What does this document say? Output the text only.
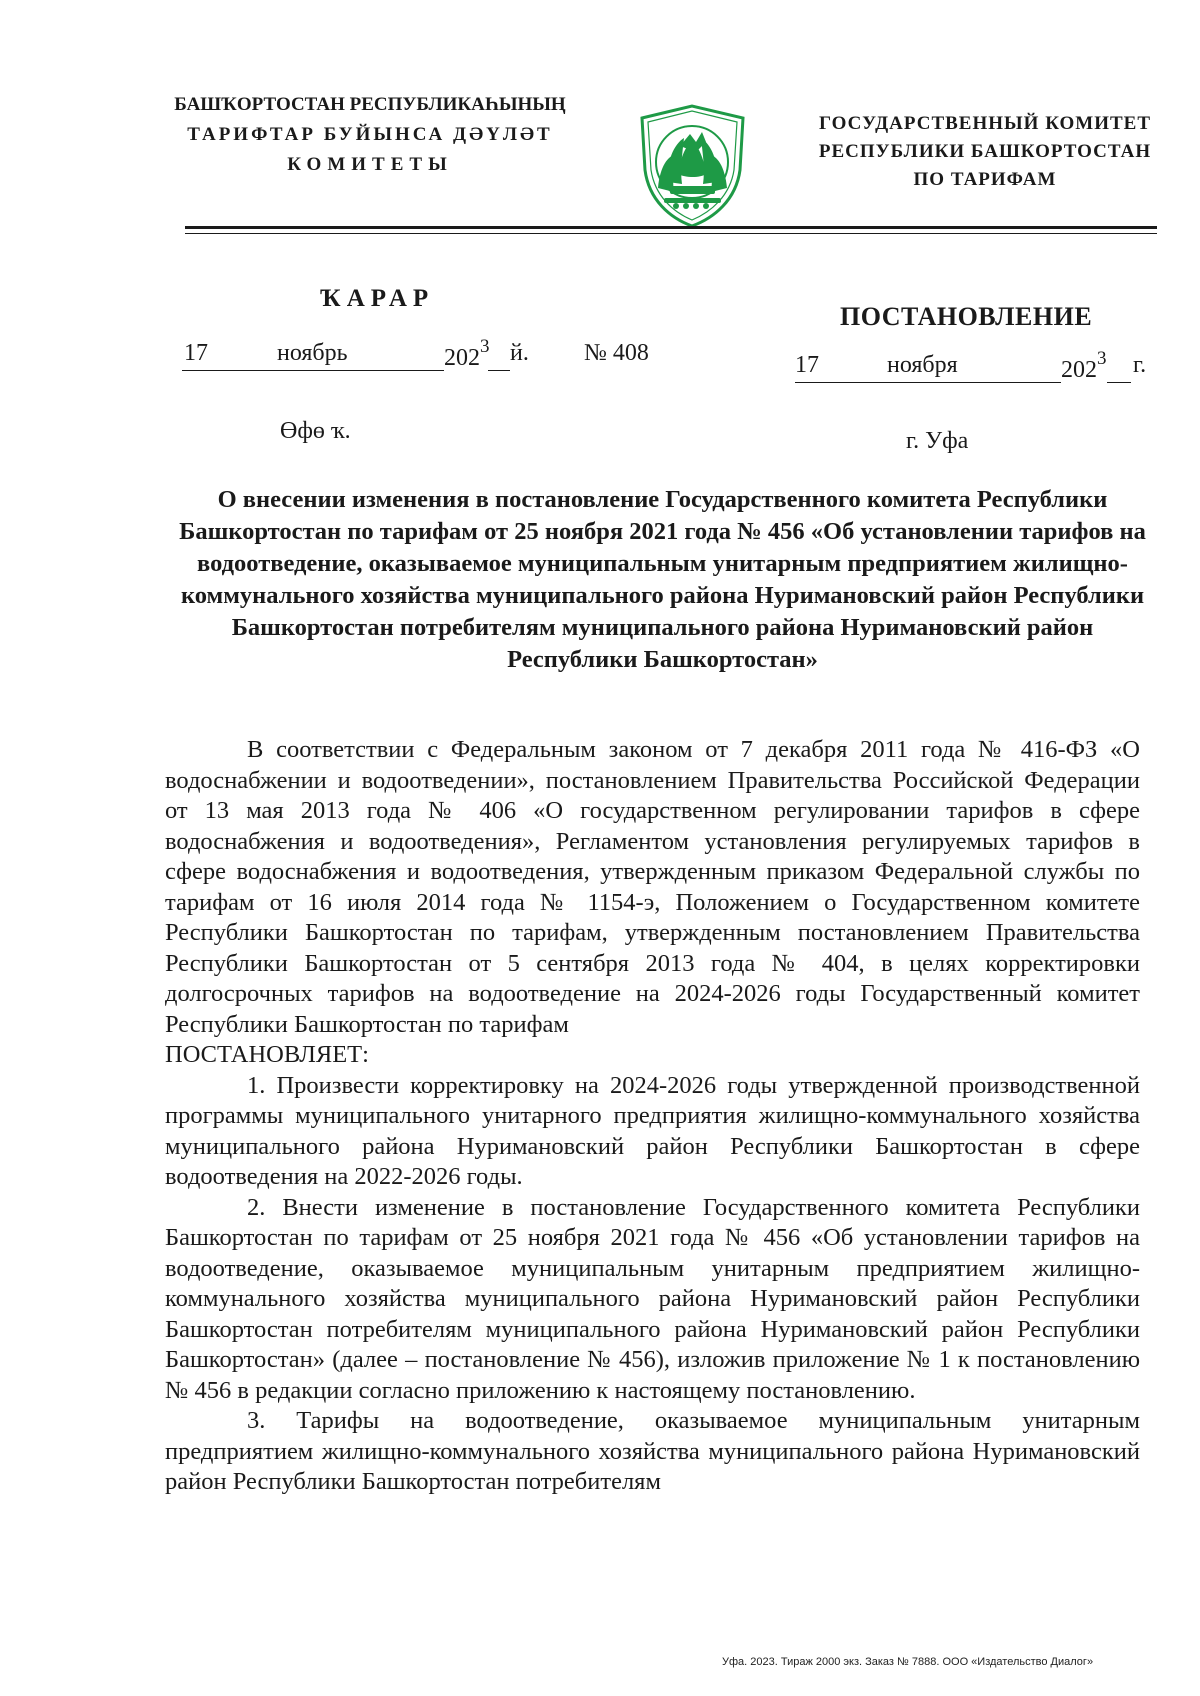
БАШҠОРТОСТАН РЕСПУБЛИКАҺЫНЫҢ
ТАРИФТАР БУЙЫНСА ДӘҮЛӘТ
КОМИТЕТЫ
ГОСУДАРСТВЕННЫЙ КОМИТЕТ
РЕСПУБЛИКИ БАШКОРТОСТАН
ПО ТАРИФАМ
ҠАРАР
ПОСТАНОВЛЕНИЕ
17	ноябрь	$202^3$ й. № 408	17	ноября	$202^3$ г.
Өфө ҡ.	г. Уфа
О внесении изменения в постановление Государственного комитета Республики Башкортостан по тарифам от 25 ноября 2021 года № 456 «Об установлении тарифов на водоотведение, оказываемое муниципальным унитарным предприятием жилищно-коммунального хозяйства муниципального района Нуримановский район Республики Башкортостан потребителям муниципального района Нуримановский район Республики Башкортостан»

В соответствии с Федеральным законом от 7 декабря 2011 года № 416-ФЗ «О водоснабжении и водоотведении», постановлением Правительства Российской Федерации от 13 мая 2013 года № 406 «О государственном регулировании тарифов в сфере водоснабжения и водоотведения», Регламентом установления регулируемых тарифов в сфере водоснабжения и водоотведения, утвержденным приказом Федеральной службы по тарифам от 16 июля 2014 года № 1154-э, Положением о Государственном комитете Республики Башкортостан по тарифам, утвержденным постановлением Правительства Республики Башкортостан от 5 сентября 2013 года № 404, в целях корректировки долгосрочных тарифов на водоотведение на 2024-2026 годы Государственный комитет Республики Башкортостан по тарифам

ПОСТАНОВЛЯЕТ:

1. Произвести корректировку на 2024-2026 годы утвержденной производственной программы муниципального унитарного предприятия жилищно-коммунального хозяйства муниципального района Нуримановский район Республики Башкортостан в сфере водоотведения на 2022-2026 годы.

2. Внести изменение в постановление Государственного комитета Республики Башкортостан по тарифам от 25 ноября 2021 года № 456 «Об установлении тарифов на водоотведение, оказываемое муниципальным унитарным предприятием жилищно-коммунального хозяйства муниципального района Нуримановский район Республики Башкортостан потребителям муниципального района Нуримановский район Республики Башкортостан» (далее – постановление № 456), изложив приложение № 1 к постановлению № 456 в редакции согласно приложению к настоящему постановлению.

3. Тарифы на водоотведение, оказываемое муниципальным унитарным предприятием жилищно-коммунального хозяйства муниципального района Нуримановский район Республики Башкортостан потребителям

Уфа. 2023. Тираж 2000 экз. Заказ № 7888. ООО «Издательство Диалог»
